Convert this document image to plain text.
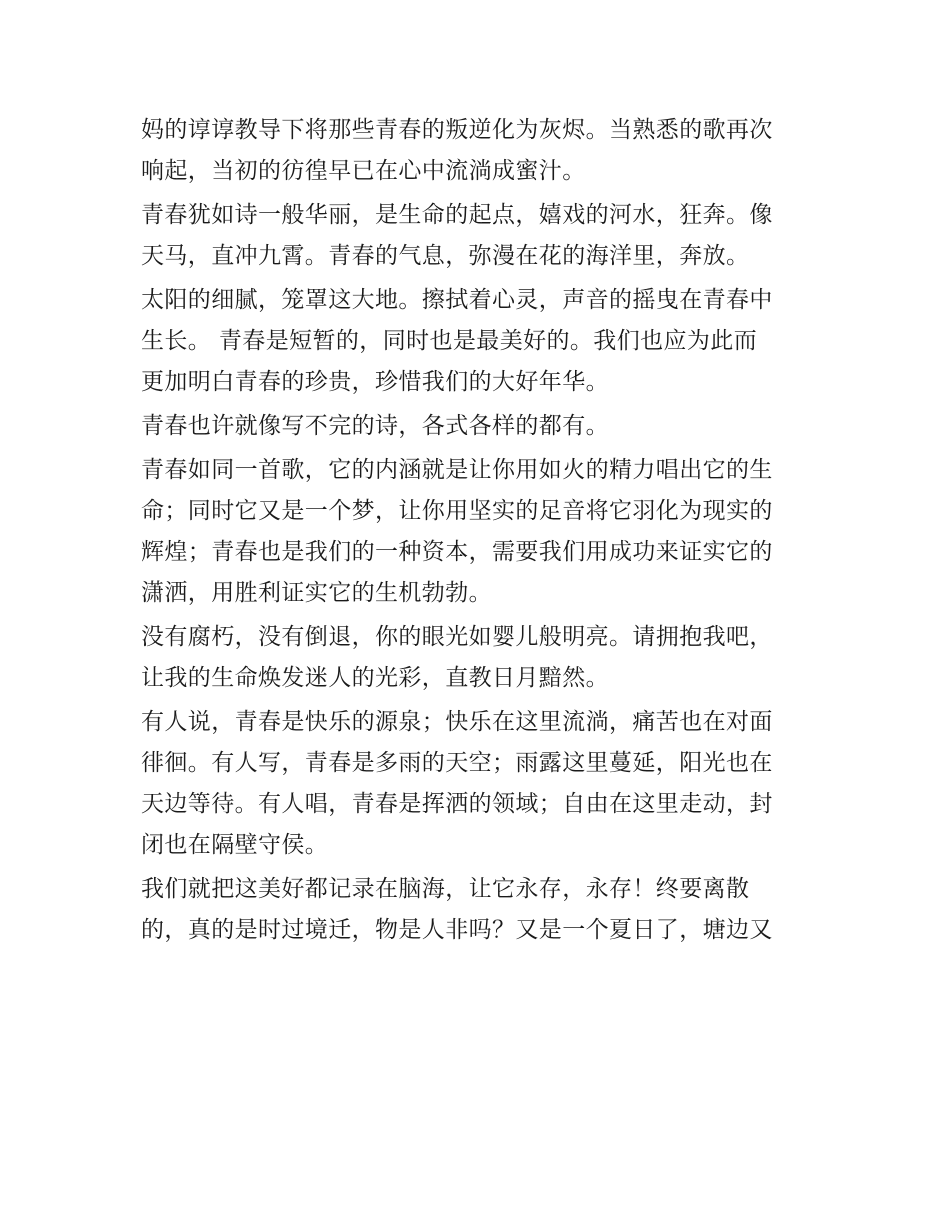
妈的谆谆教导下将那些青春的叛逆化为灰烬。当熟悉的歌再次
响起，当初的彷徨早已在心中流淌成蜜汁。
青春犹如诗一般华丽，是生命的起点，嬉戏的河水，狂奔。像
天马，直冲九霄。青春的气息，弥漫在花的海洋里，奔放。
太阳的细腻，笼罩这大地。擦拭着心灵，声音的摇曳在青春中
生长。 青春是短暂的，同时也是最美好的。我们也应为此而
更加明白青春的珍贵，珍惜我们的大好年华。
青春也许就像写不完的诗，各式各样的都有。
青春如同一首歌，它的内涵就是让你用如火的精力唱出它的生
命；同时它又是一个梦，让你用坚实的足音将它羽化为现实的
辉煌；青春也是我们的一种资本，需要我们用成功来证实它的
潇洒，用胜利证实它的生机勃勃。
没有腐朽，没有倒退，你的眼光如婴儿般明亮。请拥抱我吧，
让我的生命焕发迷人的光彩，直教日月黯然。
有人说，青春是快乐的源泉；快乐在这里流淌，痛苦也在对面
徘徊。有人写，青春是多雨的天空；雨露这里蔓延，阳光也在
天边等待。有人唱，青春是挥洒的领域；自由在这里走动，封
闭也在隔壁守侯。
我们就把这美好都记录在脑海，让它永存，永存！终要离散
的，真的是时过境迁，物是人非吗？又是一个夏日了，塘边又
